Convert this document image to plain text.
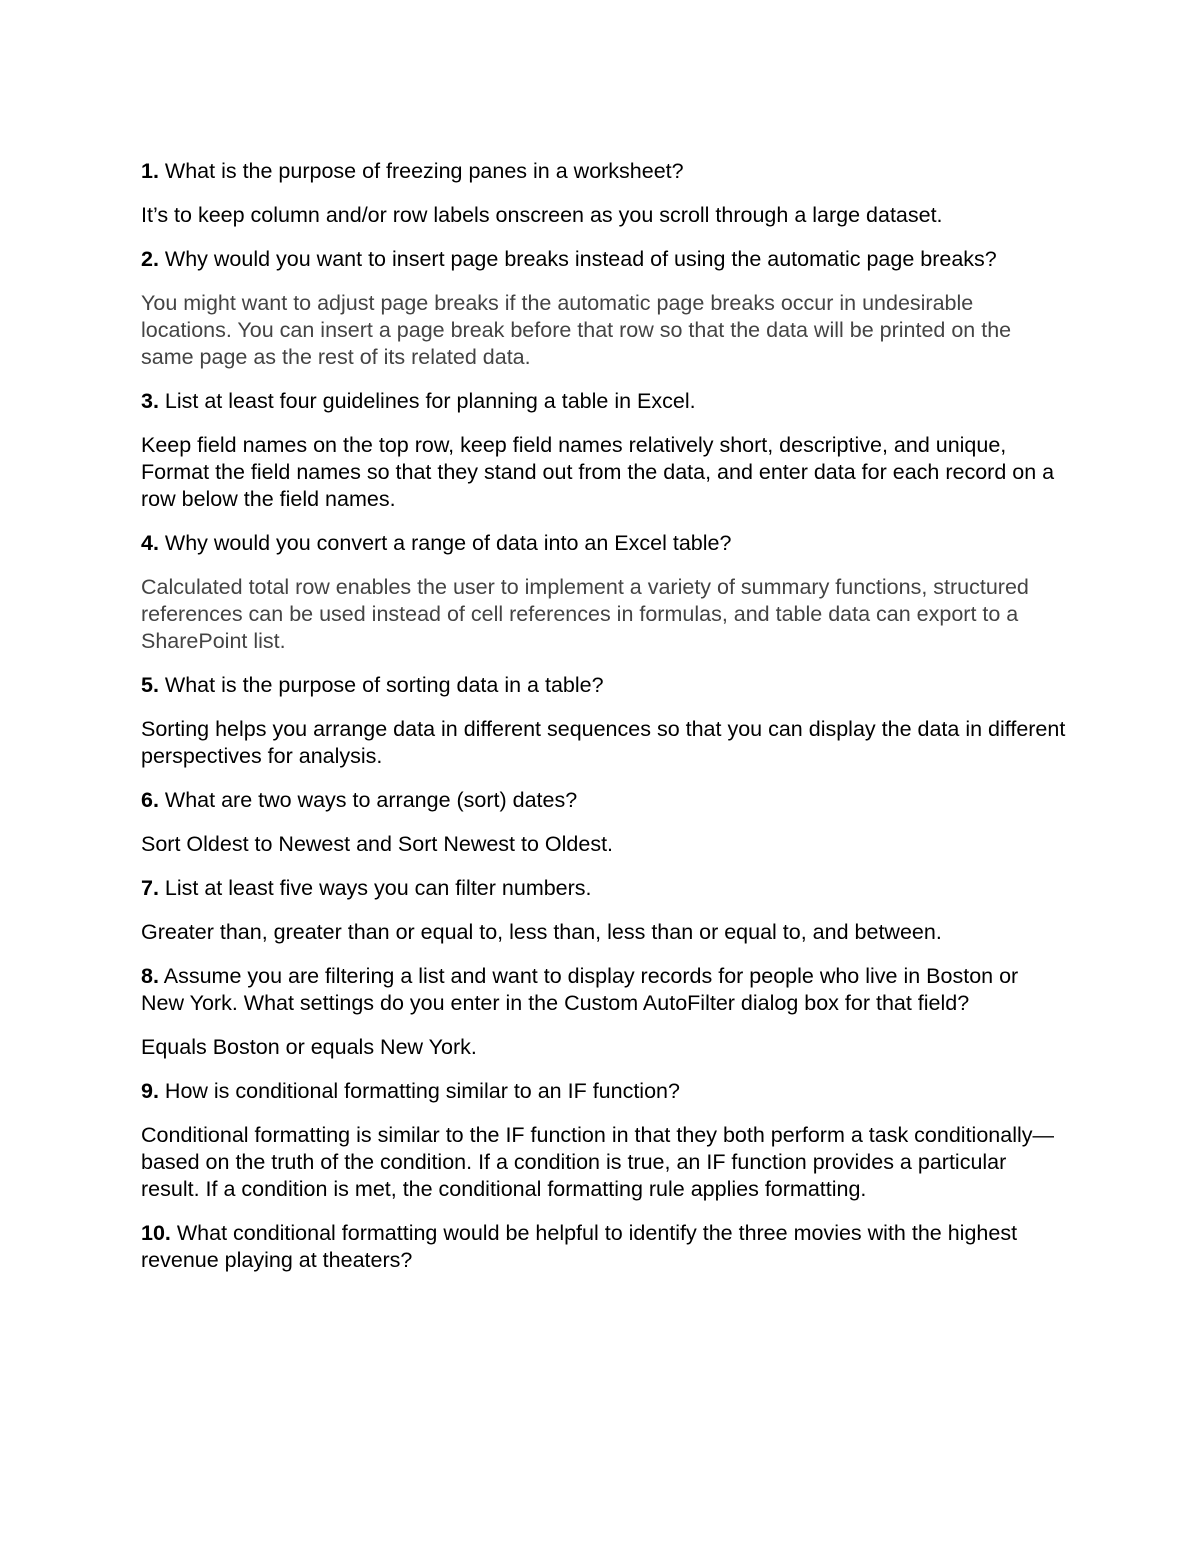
1. What is the purpose of freezing panes in a worksheet?

It’s to keep column and/or row labels onscreen as you scroll through a large dataset.

2. Why would you want to insert page breaks instead of using the automatic page breaks?

You might want to adjust page breaks if the automatic page breaks occur in undesirable locations. You can insert a page break before that row so that the data will be printed on the same page as the rest of its related data.

3. List at least four guidelines for planning a table in Excel.

Keep field names on the top row, keep field names relatively short, descriptive, and unique, Format the field names so that they stand out from the data, and enter data for each record on a row below the field names.

4. Why would you convert a range of data into an Excel table?

Calculated total row enables the user to implement a variety of summary functions, structured references can be used instead of cell references in formulas, and table data can export to a SharePoint list.

5. What is the purpose of sorting data in a table?

Sorting helps you arrange data in different sequences so that you can display the data in different perspectives for analysis.

6. What are two ways to arrange (sort) dates?

Sort Oldest to Newest and Sort Newest to Oldest.

7. List at least five ways you can filter numbers.

Greater than, greater than or equal to, less than, less than or equal to, and between.

8. Assume you are filtering a list and want to display records for people who live in Boston or New York. What settings do you enter in the Custom AutoFilter dialog box for that field?

Equals Boston or equals New York.

9. How is conditional formatting similar to an IF function?

Conditional formatting is similar to the IF function in that they both perform a task conditionally—based on the truth of the condition. If a condition is true, an IF function provides a particular result. If a condition is met, the conditional formatting rule applies formatting.

10. What conditional formatting would be helpful to identify the three movies with the highest revenue playing at theaters?
